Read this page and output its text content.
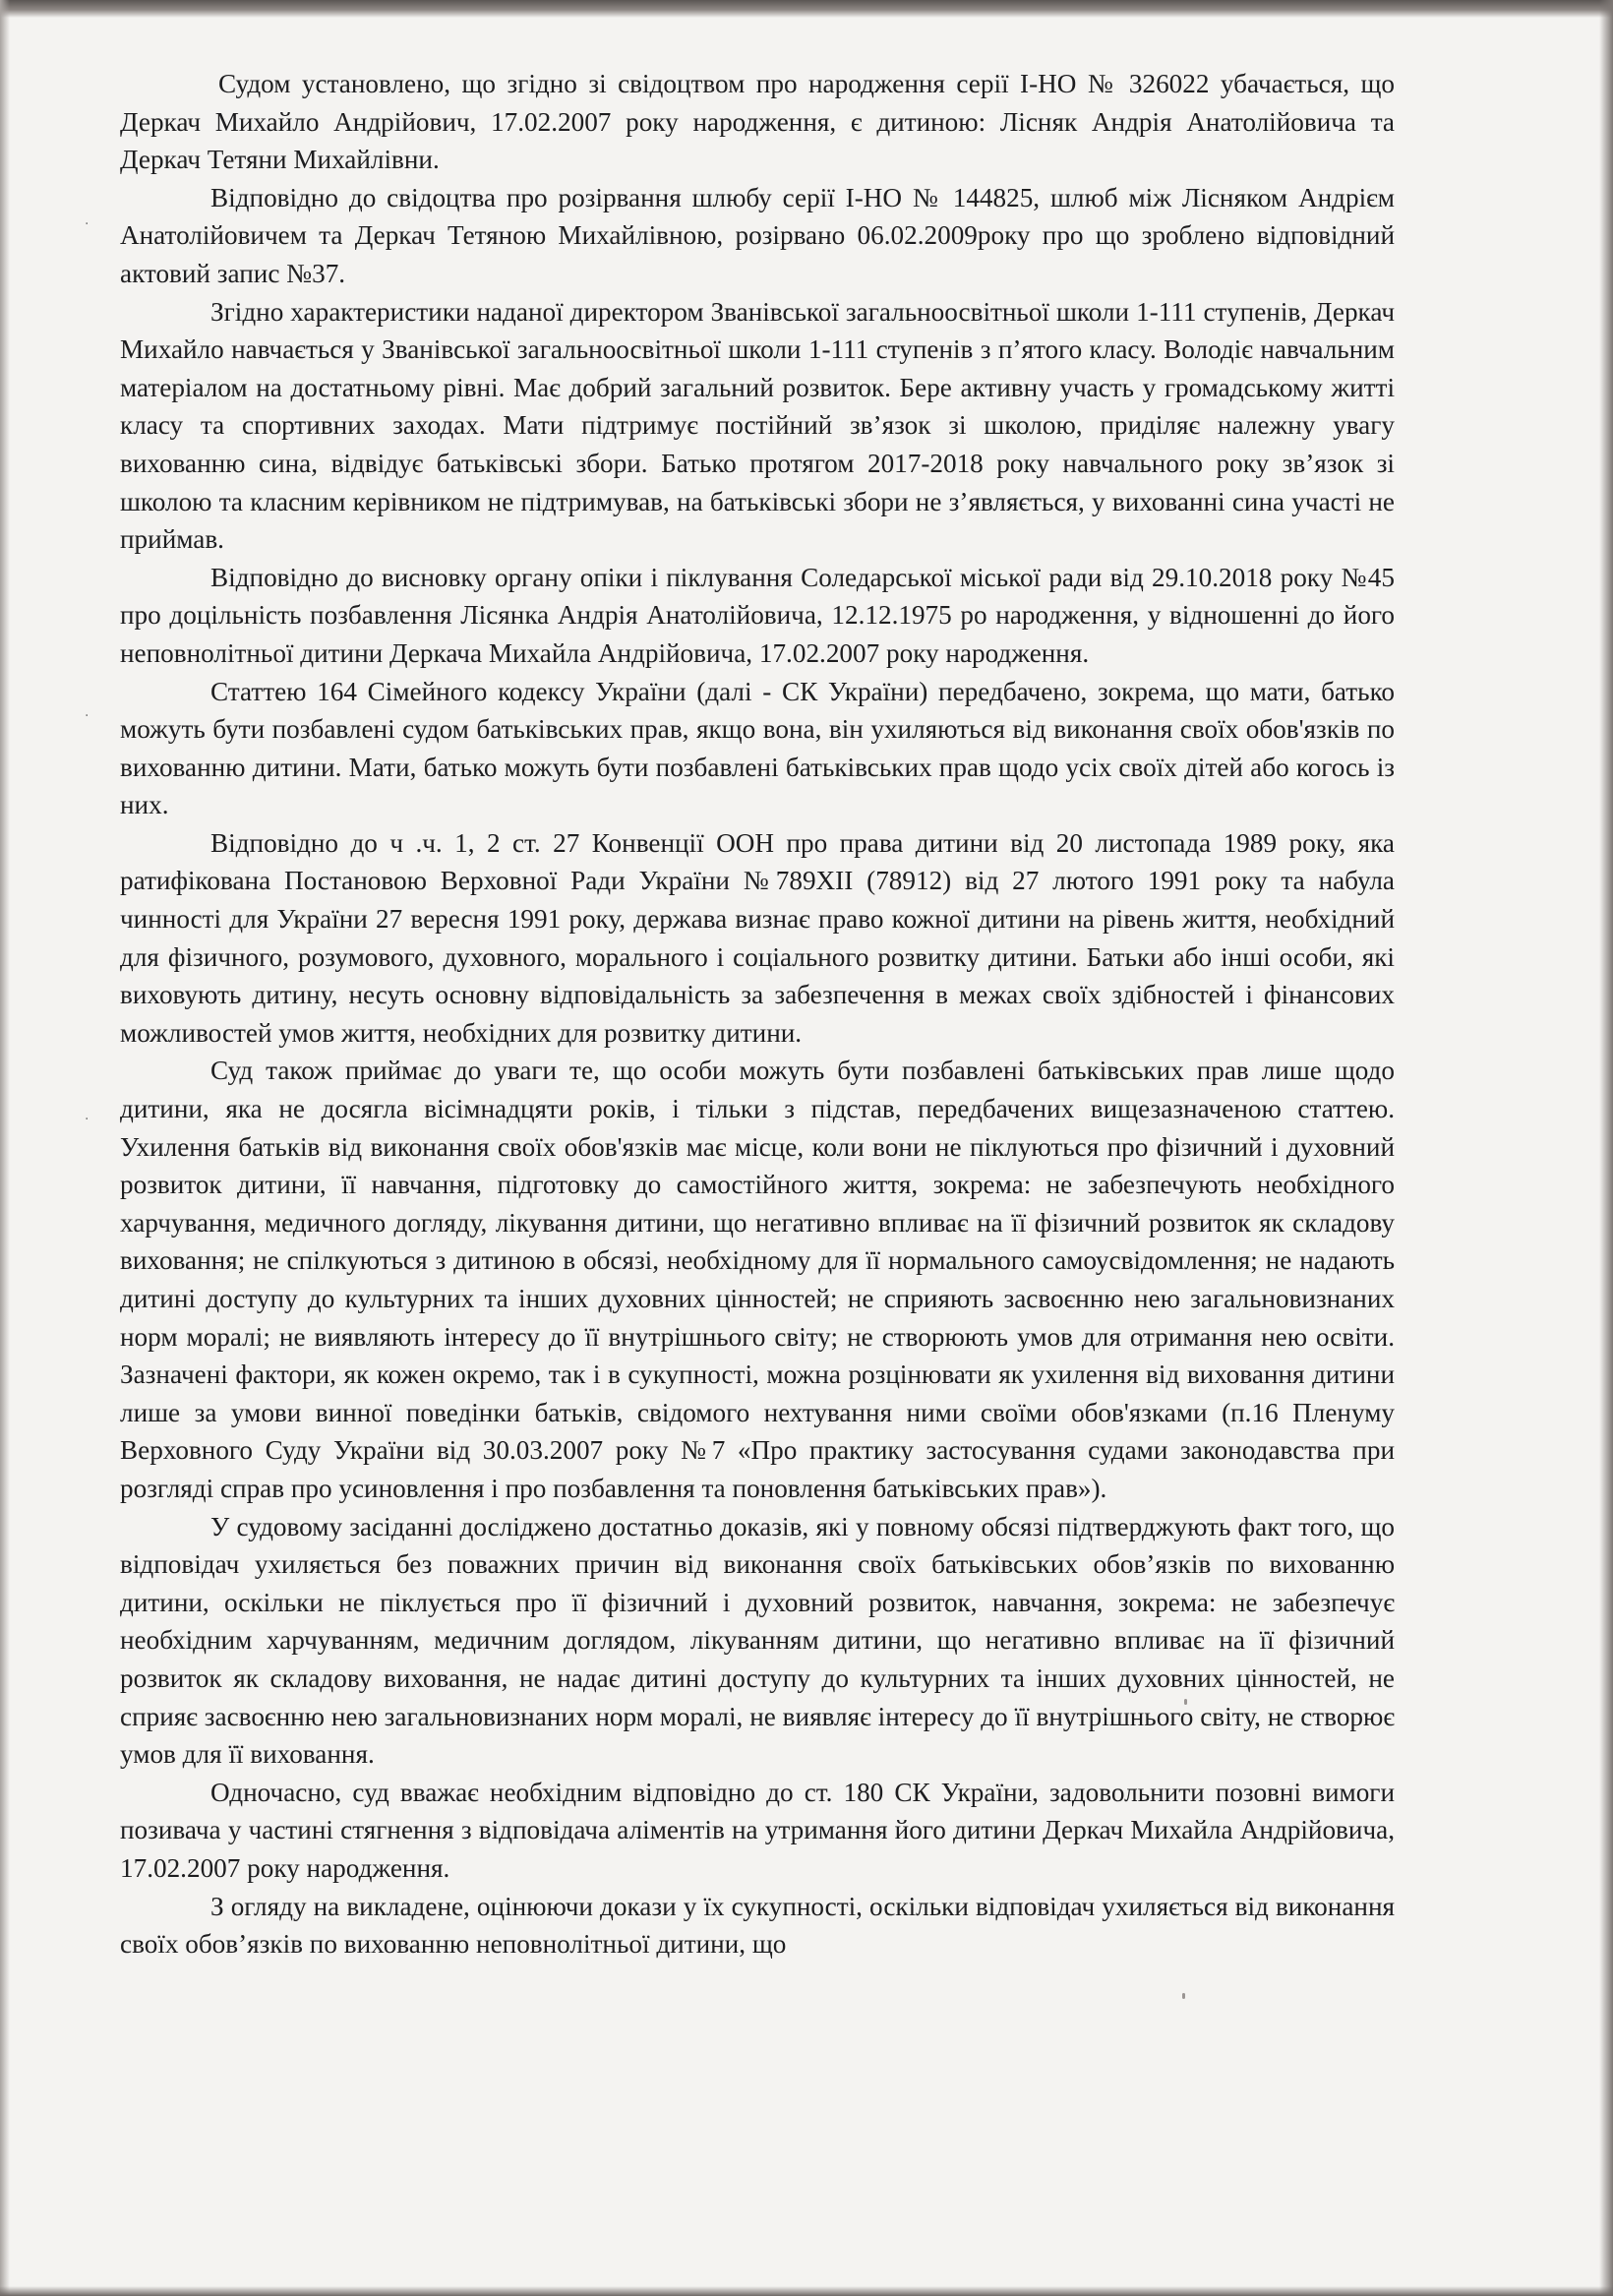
·
·
·

Судом установлено, що згідно зі свідоцтвом про народження серії І-НО № 326022 убачається, що Деркач Михайло Андрійович, 17.02.2007 року народження, є дитиною: Лісняк Андрія Анатолійовича та Деркач Тетяни Михайлівни.

Відповідно до свідоцтва про розірвання шлюбу серії І-НО № 144825, шлюб між Лісняком Андрієм Анатолійовичем та Деркач Тетяною Михайлівною, розірвано 06.02.2009року про що зроблено відповідний актовий запис №37.

Згідно характеристики наданої директором Званівської загальноосвітньої школи 1-111 ступенів, Деркач Михайло навчається у Званівської загальноосвітньої школи 1-111 ступенів з п’ятого класу. Володіє навчальним матеріалом на достатньому рівні. Має добрий загальний розвиток. Бере активну участь у громадському житті класу та спортивних заходах. Мати підтримує постійний зв’язок зі школою, приділяє належну увагу вихованню сина, відвідує батьківські збори. Батько протягом 2017-2018 року навчального року зв’язок зі школою та класним керівником не підтримував, на батьківські збори не з’являється, у вихованні сина участі не приймав.

Відповідно до висновку органу опіки і піклування Соледарської міської ради від 29.10.2018 року №45 про доцільність позбавлення Лісянка Андрія Анатолійовича, 12.12.1975 ро народження, у відношенні до його неповнолітньої дитини Деркача Михайла Андрійовича, 17.02.2007 року народження.

Статтею 164 Сімейного кодексу України (далі - СК України) передбачено, зокрема, що мати, батько можуть бути позбавлені судом батьківських прав, якщо вона, він ухиляються від виконання своїх обов'язків по вихованню дитини. Мати, батько можуть бути позбавлені батьківських прав щодо усіх своїх дітей або когось із них.

Відповідно до ч .ч. 1, 2 ст. 27 Конвенції ООН про права дитини від 20 листопада 1989 року, яка ратифікована Постановою Верховної Ради України №789XII (78912) від 27 лютого 1991 року та набула чинності для України 27 вересня 1991 року, держава визнає право кожної дитини на рівень життя, необхідний для фізичного, розумового, духовного, морального і соціального розвитку дитини. Батьки або інші особи, які виховують дитину, несуть основну відповідальність за забезпечення в межах своїх здібностей і фінансових можливостей умов життя, необхідних для розвитку дитини.

Суд також приймає до уваги те, що особи можуть бути позбавлені батьківських прав лише щодо дитини, яка не досягла вісімнадцяти років, і тільки з підстав, передбачених вищезазначеною статтею. Ухилення батьків від виконання своїх обов'язків має місце, коли вони не піклуються про фізичний і духовний розвиток дитини, її навчання, підготовку до самостійного життя, зокрема: не забезпечують необхідного харчування, медичного догляду, лікування дитини, що негативно впливає на її фізичний розвиток як складову виховання; не спілкуються з дитиною в обсязі, необхідному для її нормального самоусвідомлення; не надають дитині доступу до культурних та інших духовних цінностей; не сприяють засвоєнню нею загальновизнаних норм моралі; не виявляють інтересу до її внутрішнього світу; не створюють умов для отримання нею освіти. Зазначені фактори, як кожен окремо, так і в сукупності, можна розцінювати як ухилення від виховання дитини лише за умови винної поведінки батьків, свідомого нехтування ними своїми обов'язками (п.16 Пленуму Верховного Суду України від 30.03.2007 року №7 «Про практику застосування судами законодавства при розгляді справ про усиновлення і про позбавлення та поновлення батьківських прав»).

У судовому засіданні досліджено достатньо доказів, які у повному обсязі підтверджують факт того, що відповідач ухиляється без поважних причин від виконання своїх батьківських обов’язків по вихованню дитини, оскільки не піклується про її фізичний і духовний розвиток, навчання, зокрема: не забезпечує необхідним харчуванням, медичним доглядом, лікуванням дитини, що негативно впливає на її фізичний розвиток як складову виховання, не надає дитині доступу до культурних та інших духовних цінностей, не сприяє засвоєнню нею загальновизнаних норм моралі, не виявляє інтересу до її внутрішнього світу, не створює умов для її виховання.

Одночасно, суд вважає необхідним відповідно до ст. 180 СК України, задовольнити позовні вимоги позивача у частині стягнення з відповідача аліментів на утримання його дитини Деркач Михайла Андрійовича, 17.02.2007 року народження.

З огляду на викладене, оцінюючи докази у їх сукупності, оскільки відповідач ухиляється від виконання своїх обов’язків по вихованню неповнолітньої дитини, що
